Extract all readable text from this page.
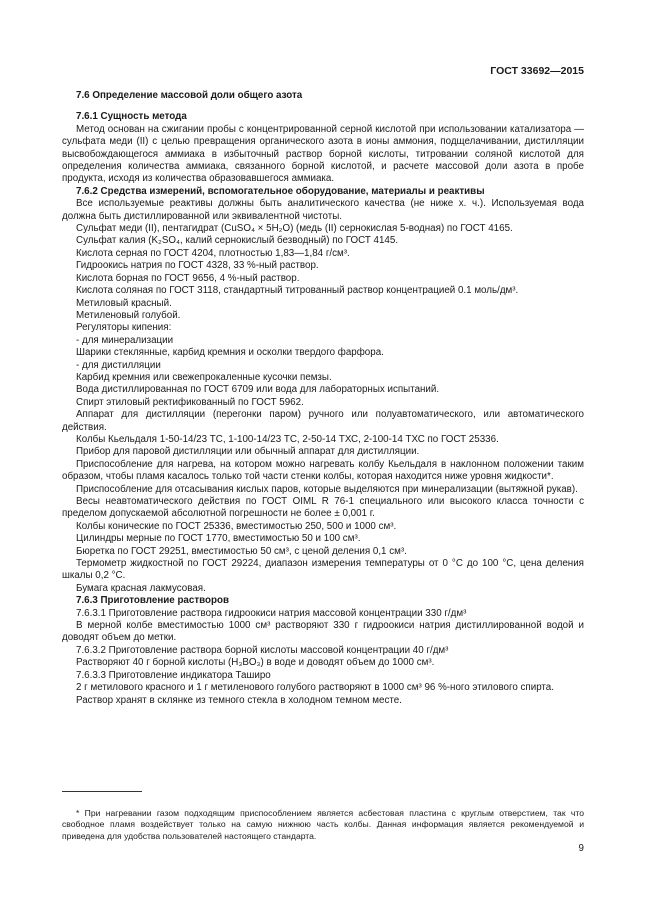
ГОСТ 33692—2015

7.6 Определение массовой доли общего азота

7.6.1 Сущность метода

Метод основан на сжигании пробы с концентрированной серной кислотой при использовании катализатора — сульфата меди (II) с целью превращения органического азота в ионы аммония, подщелачивании, дистилляции высвобождающегося аммиака в избыточный раствор борной кислоты, титровании соляной кислотой для определения количества аммиака, связанного борной кислотой, и расчете массовой доли азота в пробе продукта, исходя из количества образовавшегося аммиака.

7.6.2 Средства измерений, вспомогательное оборудование, материалы и реактивы

Все используемые реактивы должны быть аналитического качества (не ниже х. ч.). Используемая вода должна быть дистиллированной или эквивалентной чистоты.

Сульфат меди (II), пентагидрат (CuSO₄ × 5H₂O) (медь (II) сернокислая 5-водная) по ГОСТ 4165.

Сульфат калия (K₂SO₄, калий сернокислый безводный) по ГОСТ 4145.

Кислота серная по ГОСТ 4204, плотностью 1,83—1,84 г/см³.

Гидроокись натрия по ГОСТ 4328, 33 %-ный раствор.

Кислота борная по ГОСТ 9656, 4 %-ный раствор.

Кислота соляная по ГОСТ 3118, стандартный титрованный раствор концентрацией 0.1 моль/дм³.

Метиловый красный.

Метиленовый голубой.

Регуляторы кипения:

- для минерализации

Шарики стеклянные, карбид кремния и осколки твердого фарфора.

- для дистилляции

Карбид кремния или свежепрокаленные кусочки пемзы.

Вода дистиллированная по ГОСТ 6709 или вода для лабораторных испытаний.

Спирт этиловый ректификованный по ГОСТ 5962.

Аппарат для дистилляции (перегонки паром) ручного или полуавтоматического, или автоматического действия.

Колбы Кьельдаля 1-50-14/23 ТС, 1-100-14/23 ТС, 2-50-14 ТХС, 2-100-14 ТХС по ГОСТ 25336.

Прибор для паровой дистилляции или обычный аппарат для дистилляции.

Приспособление для нагрева, на котором можно нагревать колбу Кьельдаля в наклонном положении таким образом, чтобы пламя касалось только той части стенки колбы, которая находится ниже уровня жидкости*.

Приспособление для отсасывания кислых паров, которые выделяются при минерализации (вытяжной рукав).

Весы неавтоматического действия по ГОСТ OIML R 76-1 специального или высокого класса точности с пределом допускаемой абсолютной погрешности не более ± 0,001 г.

Колбы конические по ГОСТ 25336, вместимостью 250, 500 и 1000 см³.

Цилиндры мерные по ГОСТ 1770, вместимостью 50 и 100 см³.

Бюретка по ГОСТ 29251, вместимостью 50 см³, с ценой деления 0,1 см³.

Термометр жидкостной по ГОСТ 29224, диапазон измерения температуры от 0 °С до 100 °С, цена деления шкалы 0,2 °С.

Бумага красная лакмусовая.

7.6.3 Приготовление растворов

7.6.3.1 Приготовление раствора гидроокиси натрия массовой концентрации 330 г/дм³

В мерной колбе вместимостью 1000 см³ растворяют 330 г гидроокиси натрия дистиллированной водой и доводят объем до метки.

7.6.3.2 Приготовление раствора борной кислоты массовой концентрации 40 г/дм³

Растворяют 40 г борной кислоты (H₃BO₃) в воде и доводят объем до 1000 см³.

7.6.3.3 Приготовление индикатора Таширо

2 г метилового красного и 1 г метиленового голубого растворяют в 1000 см³ 96 %-ного этилового спирта.

Раствор хранят в склянке из темного стекла в холодном темном месте.

* При нагревании газом подходящим приспособлением является асбестовая пластина с круглым отверстием, так что свободное пламя воздействует только на самую нижнюю часть колбы. Данная информация является рекомендуемой и приведена для удобства пользователей настоящего стандарта.

9
